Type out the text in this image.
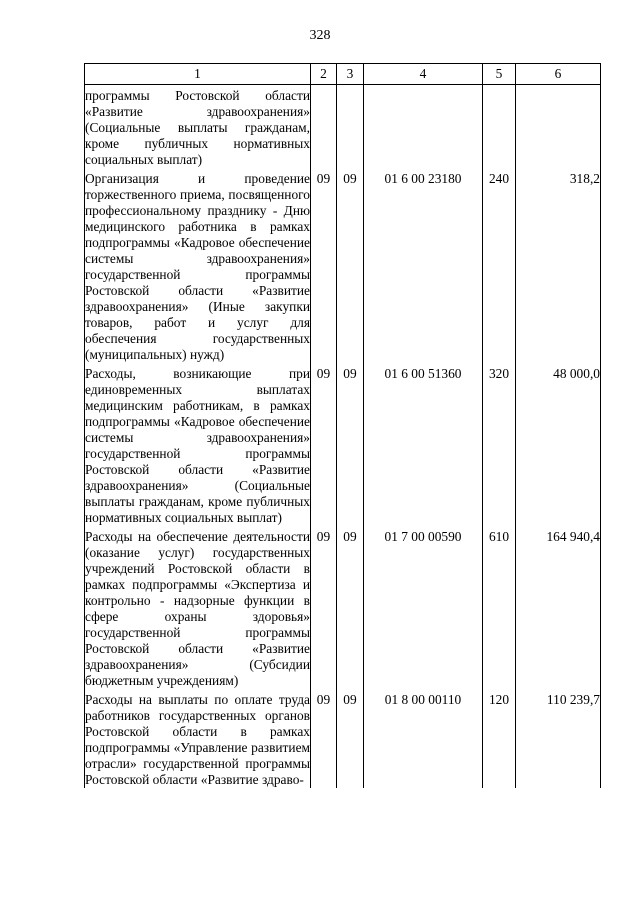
328
1	2	3	4	5	6
программы Ростовской области «Развитие здравоохранения» (Социальные выплаты гражданам, кроме публичных нормативных социальных выплат)					
Организация и проведение торжественного приема, посвященного профессиональному празднику - Дню медицинского работника в рамках подпрограммы «Кадровое обеспечение системы здравоохранения» государственной программы Ростовской области «Развитие здравоохранения» (Иные закупки товаров, работ и услуг для обеспечения государственных (муниципальных) нужд)	09	09	01 6 00 23180	240	318,2
Расходы, возникающие при единовременных выплатах медицинским работникам, в рамках подпрограммы «Кадровое обеспечение системы здравоохранения» государственной программы Ростовской области «Развитие здравоохранения» (Социальные выплаты гражданам, кроме публичных нормативных социальных выплат)	09	09	01 6 00 51360	320	48 000,0
Расходы на обеспечение деятельности (оказание услуг) государственных учреждений Ростовской области в рамках подпрограммы «Экспертиза и контрольно - надзорные функции в сфере охраны здоровья» государственной программы Ростовской области «Развитие здравоохранения» (Субсидии бюджетным учреждениям)	09	09	01 7 00 00590	610	164 940,4
Расходы на выплаты по оплате труда работников государственных органов Ростовской области в рамках подпрограммы «Управление развитием отрасли» государственной программы Ростовской области «Развитие здраво-	09	09	01 8 00 00110	120	110 239,7
